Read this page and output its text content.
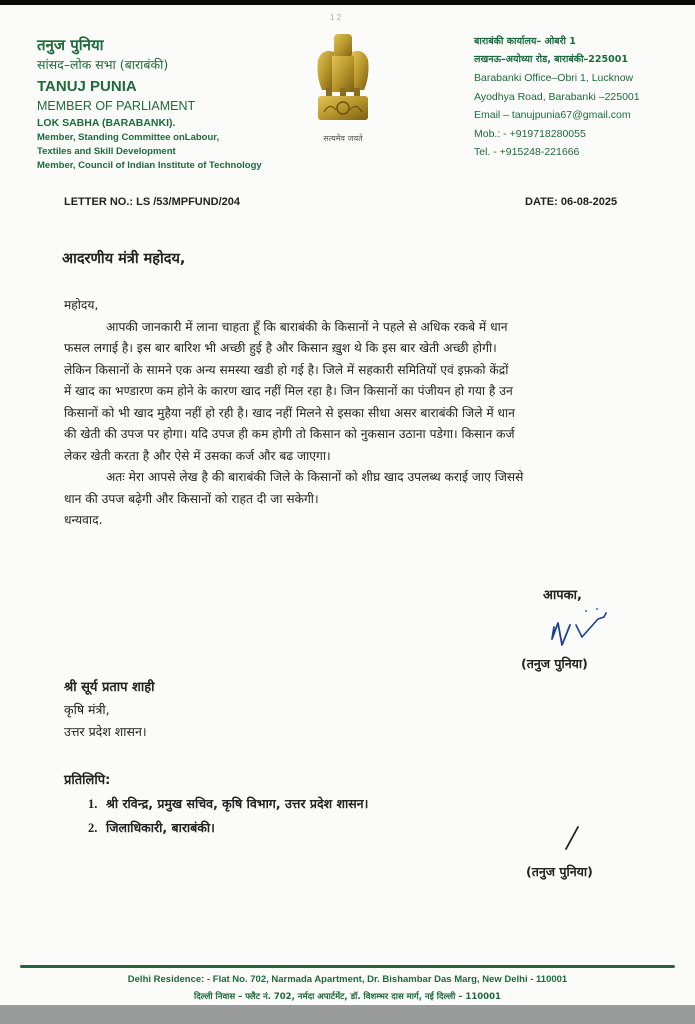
1 2
तनुज पुनिया
सांसद–लोक सभा (बाराबंकी)
TANUJ PUNIA
MEMBER OF PARLIAMENT
LOK SABHA (BARABANKI).
Member, Standing Committee onLabour,
Textiles and Skill Development
Member, Council of Indian Institute of Technology
सत्यमेव जयते
बाराबंकी कार्यालय– ओबरी 1
लखनऊ–अयोध्या रोड, बाराबंकी–225001
Barabanki Office–Obri 1, Lucknow
Ayodhya Road, Barabanki –225001
Email – tanujpunia67@gmail.com
Mob.: - +919718280055
Tel. - +915248-221666
LETTER NO.: LS /53/MPFUND/204	DATE: 06-08-2025
आदरणीय मंत्री महोदय,
महोदय,
आपकी जानकारी में लाना चाहता हूँ कि बाराबंकी के किसानों ने पहले से अधिक रकबे में धान
फसल लगाई है। इस बार बारिश भी अच्छी हुई है और किसान ख़ुश थे कि इस बार खेती अच्छी होगी।
लेकिन किसानों के सामने एक अन्य समस्या खडी हो गई है। जिले में सहकारी समितियों एवं इफ़को केंद्रों
में खाद का भण्डारण कम होने के कारण खाद नहीं मिल रहा है। जिन किसानों का पंजीयन हो गया है उन
किसानों को भी खाद मुहैया नहीं हो रही है। खाद नहीं मिलने से इसका सीधा असर बाराबंकी जिले में धान
की खेती की उपज पर होगा। यदि उपज ही कम होगी तो किसान को नुकसान उठाना पडेगा। किसान कर्ज
लेकर खेती करता है और ऐसे में उसका कर्ज और बढ जाएगा।
अतः मेरा आपसे लेख है की बाराबंकी जिले के किसानों को शीघ्र खाद उपलब्ध कराई जाए जिससे
धान की उपज बढ़ेगी और किसानों को राहत दी जा सकेगी।
धन्यवाद.
आपका,
(तनुज पुनिया)
श्री सूर्य प्रताप शाही
कृषि मंत्री,
उत्तर प्रदेश शासन।
प्रतिलिपि:
1. श्री रविन्द्र, प्रमुख सचिव, कृषि विभाग, उत्तर प्रदेश शासन।
2. जिलाधिकारी, बाराबंकी।
(तनुज पुनिया)
Delhi Residence: - Flat No. 702, Narmada Apartment, Dr. Bishambar Das Marg, New Delhi - 110001
दिल्ली निवास – फ्लैट नं. 702, नर्मदा अपार्टमेंट, डॉ. विशम्भर दास मार्ग, नई दिल्ली – 110001
